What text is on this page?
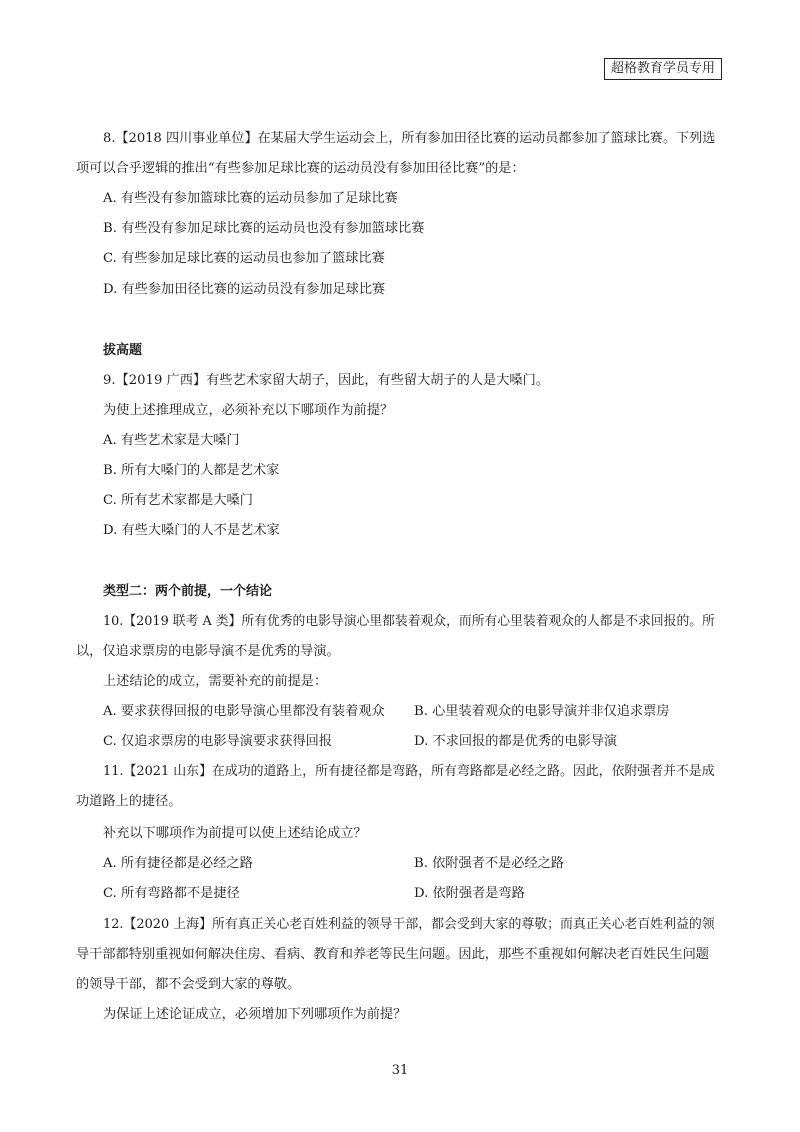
超格教育学员专用
8.【2018 四川事业单位】在某届大学生运动会上，所有参加田径比赛的运动员都参加了篮球比赛。下列选
项可以合乎逻辑的推出“有些参加足球比赛的运动员没有参加田径比赛”的是：
A. 有些没有参加篮球比赛的运动员参加了足球比赛
B. 有些没有参加足球比赛的运动员也没有参加篮球比赛
C. 有些参加足球比赛的运动员也参加了篮球比赛
D. 有些参加田径比赛的运动员没有参加足球比赛
拔高题
9.【2019 广西】有些艺术家留大胡子，因此，有些留大胡子的人是大嗓门。
为使上述推理成立，必须补充以下哪项作为前提？
A. 有些艺术家是大嗓门
B. 所有大嗓门的人都是艺术家
C. 所有艺术家都是大嗓门
D. 有些大嗓门的人不是艺术家
类型二：两个前提，一个结论
10.【2019 联考 A 类】所有优秀的电影导演心里都装着观众，而所有心里装着观众的人都是不求回报的。所
以，仅追求票房的电影导演不是优秀的导演。
上述结论的成立，需要补充的前提是：
A. 要求获得回报的电影导演心里都没有装着观众 B. 心里装着观众的电影导演并非仅追求票房
C. 仅追求票房的电影导演要求获得回报	D. 不求回报的都是优秀的电影导演
11.【2021 山东】在成功的道路上，所有捷径都是弯路，所有弯路都是必经之路。因此，依附强者并不是成
功道路上的捷径。
补充以下哪项作为前提可以使上述结论成立？
A. 所有捷径都是必经之路	B. 依附强者不是必经之路
C. 所有弯路都不是捷径	D. 依附强者是弯路
12.【2020 上海】所有真正关心老百姓利益的领导干部，都会受到大家的尊敬；而真正关心老百姓利益的领
导干部都特别重视如何解决住房、看病、教育和养老等民生问题。因此，那些不重视如何解决老百姓民生问题
的领导干部，都不会受到大家的尊敬。
为保证上述论证成立，必须增加下列哪项作为前提？
31
